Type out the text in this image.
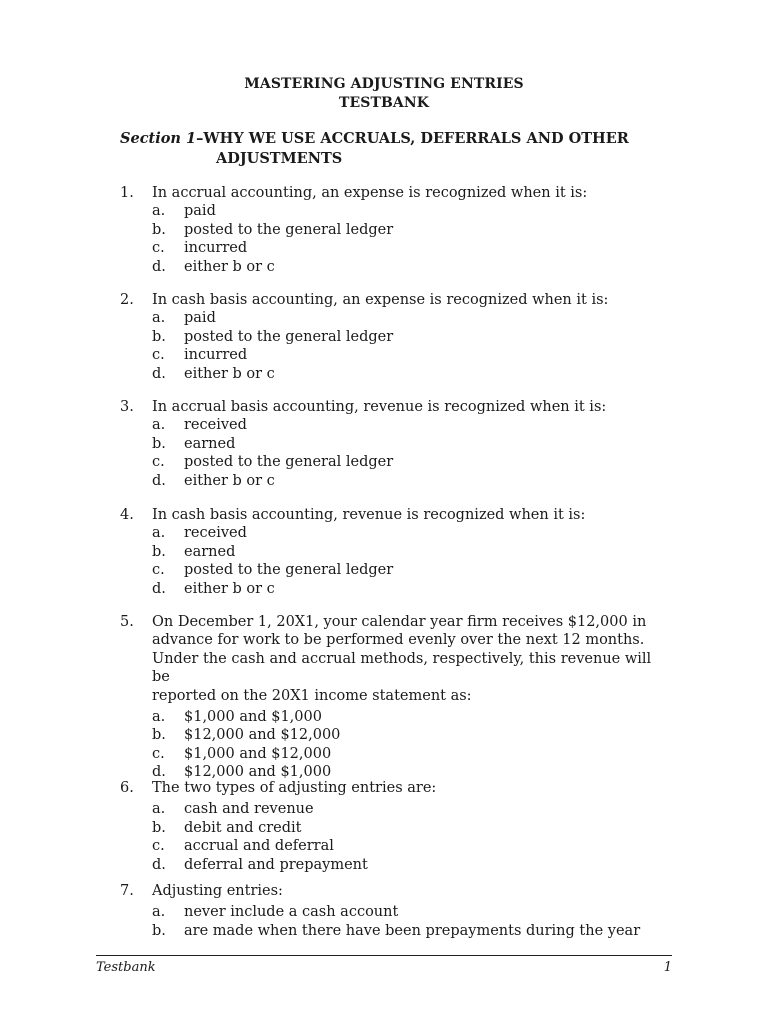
MASTERING ADJUSTING ENTRIES
TESTBANK
Section 1–WHY WE USE ACCRUALS, DEFERRALS AND OTHER
ADJUSTMENTS
1.	In accrual accounting, an expense is recognized when it is:
a.	paid
b.	posted to the general ledger
c.	incurred
d.	either b or c
2.	In cash basis accounting, an expense is recognized when it is:
a.	paid
b.	posted to the general ledger
c.	incurred
d.	either b or c
3.	In accrual basis accounting, revenue is recognized when it is:
a.	received
b.	earned
c.	posted to the general ledger
d.	either b or c
4.	In cash basis accounting, revenue is recognized when it is:
a.	received
b.	earned
c.	posted to the general ledger
d.	either b or c
5.	On December 1, 20X1, your calendar year firm receives $12,000 in
advance for work to be performed evenly over the next 12 months.
Under the cash and accrual methods, respectively, this revenue will be
reported on the 20X1 income statement as:
a.	$1,000 and $1,000
b.	$12,000 and $12,000
c.	$1,000 and $12,000
d.	$12,000 and $1,000
6.	The two types of adjusting entries are:
a.	cash and revenue
b.	debit and credit
c.	accrual and deferral
d.	deferral and prepayment
7.	Adjusting entries:
a.	never include a cash account
b.	are made when there have been prepayments during the year
Testbank	1
